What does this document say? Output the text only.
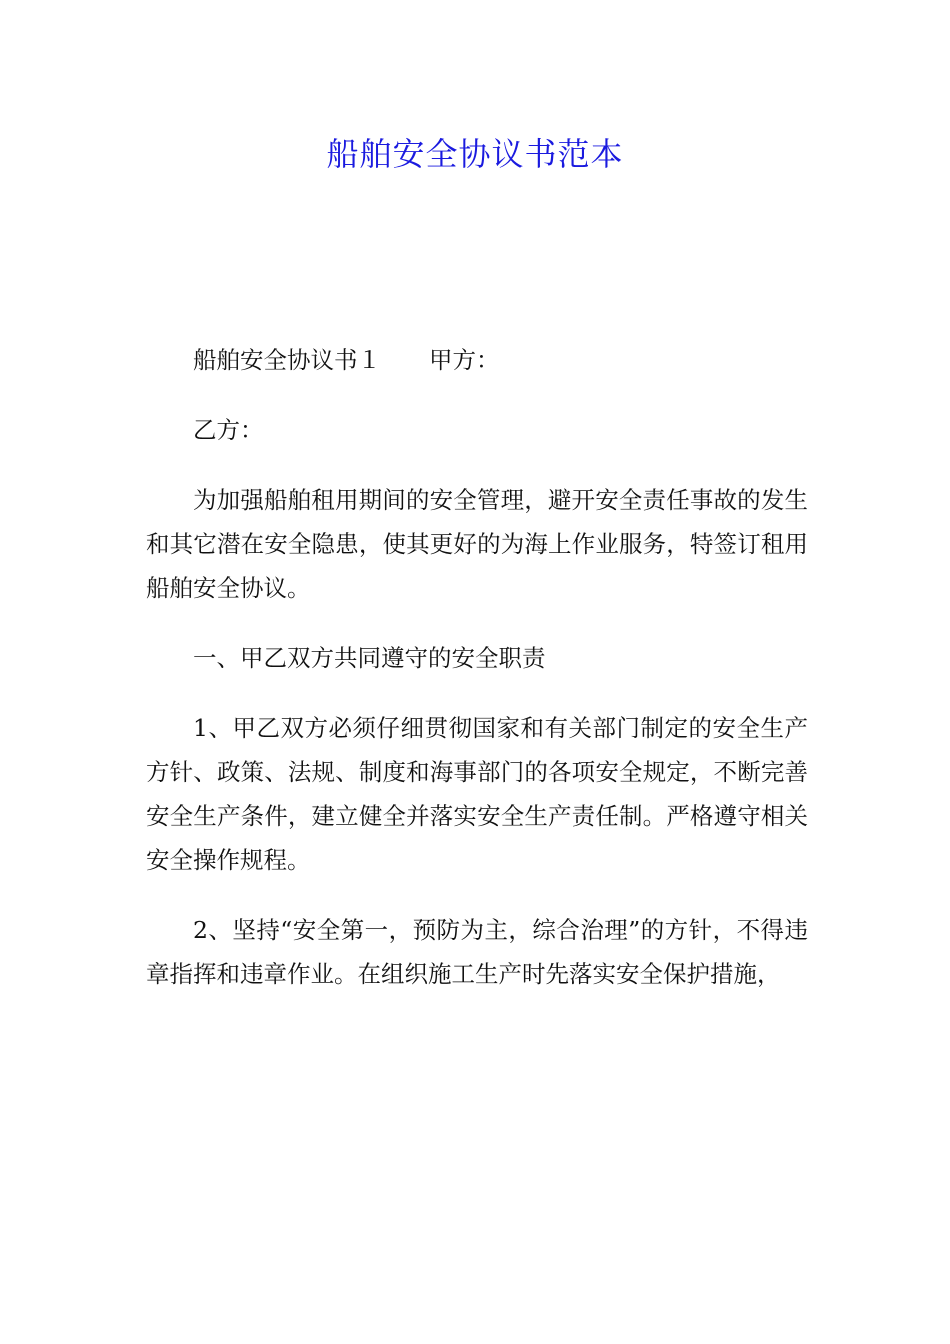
船舶安全协议书范本
船舶安全协议书１ 甲方：

乙方：

为加强船舶租用期间的安全管理，避开安全责任事故的发生和其它潜在安全隐患，使其更好的为海上作业服务，特签订租用船舶安全协议。

一、甲乙双方共同遵守的安全职责

1、甲乙双方必须仔细贯彻国家和有关部门制定的安全生产方针、政策、法规、制度和海事部门的各项安全规定，不断完善安全生产条件，建立健全并落实安全生产责任制。严格遵守相关安全操作规程。

2、坚持“安全第一，预防为主，综合治理”的方针，不得违章指挥和违章作业。在组织施工生产时先落实安全保护措施，
